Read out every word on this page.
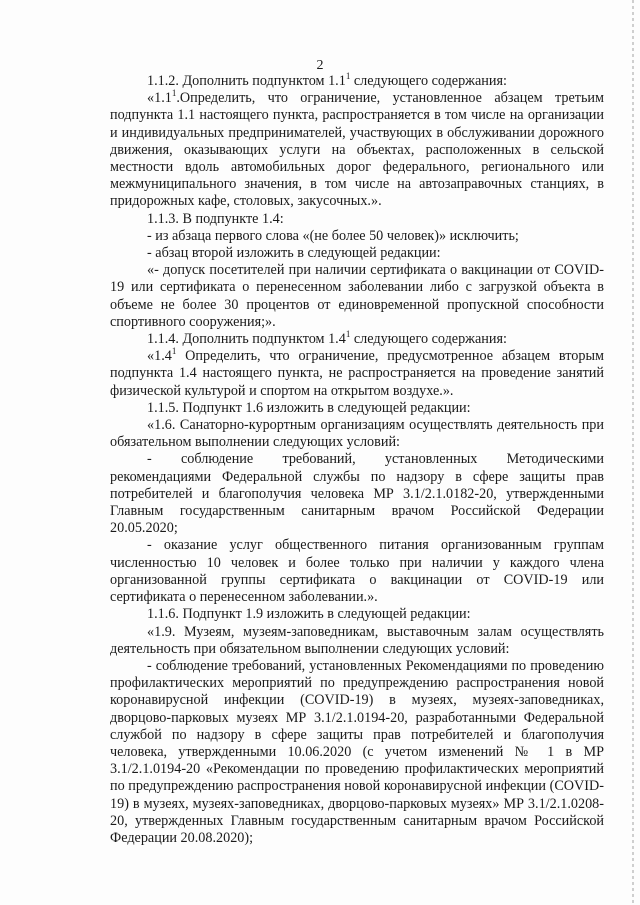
2

1.1.2. Дополнить подпунктом $1.1^1$ следующего содержания:

«$1.1^1.Определить$, что ограничение, установленное абзацем третьим подпункта 1.1 настоящего пункта, распространяется в том числе на организации и индивидуальных предпринимателей, участвующих в обслуживании дорожного движения, оказывающих услуги на объектах, расположенных в сельской местности вдоль автомобильных дорог федерального, регионального или межмуниципального значения, в том числе на автозаправочных станциях, в придорожных кафе, столовых, закусочных.».

1.1.3. В подпункте 1.4:

- из абзаца первого слова «(не более 50 человек)» исключить;

- абзац второй изложить в следующей редакции:

«- допуск посетителей при наличии сертификата о вакцинации от COVID-19 или сертификата о перенесенном заболевании либо с загрузкой объекта в объеме не более 30 процентов от единовременной пропускной способности спортивного сооружения;».

1.1.4. Дополнить подпунктом $1.4^1$ следующего содержания:

«$1.4^1$ Определить, что ограничение, предусмотренное абзацем вторым подпункта 1.4 настоящего пункта, не распространяется на проведение занятий физической культурой и спортом на открытом воздухе.».

1.1.5. Подпункт 1.6 изложить в следующей редакции:

«1.6. Санаторно-курортным организациям осуществлять деятельность при обязательном выполнении следующих условий:

- соблюдение требований, установленных Методическими рекомендациями Федеральной службы по надзору в сфере защиты прав потребителей и благополучия человека МР 3.1/2.1.0182-20, утвержденными Главным государственным санитарным врачом Российской Федерации 20.05.2020;

- оказание услуг общественного питания организованным группам численностью 10 человек и более только при наличии у каждого члена организованной группы сертификата о вакцинации от COVID-19 или сертификата о перенесенном заболевании.».

1.1.6. Подпункт 1.9 изложить в следующей редакции:

«1.9. Музеям, музеям-заповедникам, выставочным залам осуществлять деятельность при обязательном выполнении следующих условий:

- соблюдение требований, установленных Рекомендациями по проведению профилактических мероприятий по предупреждению распространения новой коронавирусной инфекции (COVID-19) в музеях, музеях-заповедниках, дворцово-парковых музеях МР 3.1/2.1.0194-20, разработанными Федеральной службой по надзору в сфере защиты прав потребителей и благополучия человека, утвержденными 10.06.2020 (с учетом изменений № 1 в МР 3.1/2.1.0194-20 «Рекомендации по проведению профилактических мероприятий по предупреждению распространения новой коронавирусной инфекции (COVID-19) в музеях, музеях-заповедниках, дворцово-парковых музеях» МР 3.1/2.1.0208-20, утвержденных Главным государственным санитарным врачом Российской Федерации 20.08.2020);
